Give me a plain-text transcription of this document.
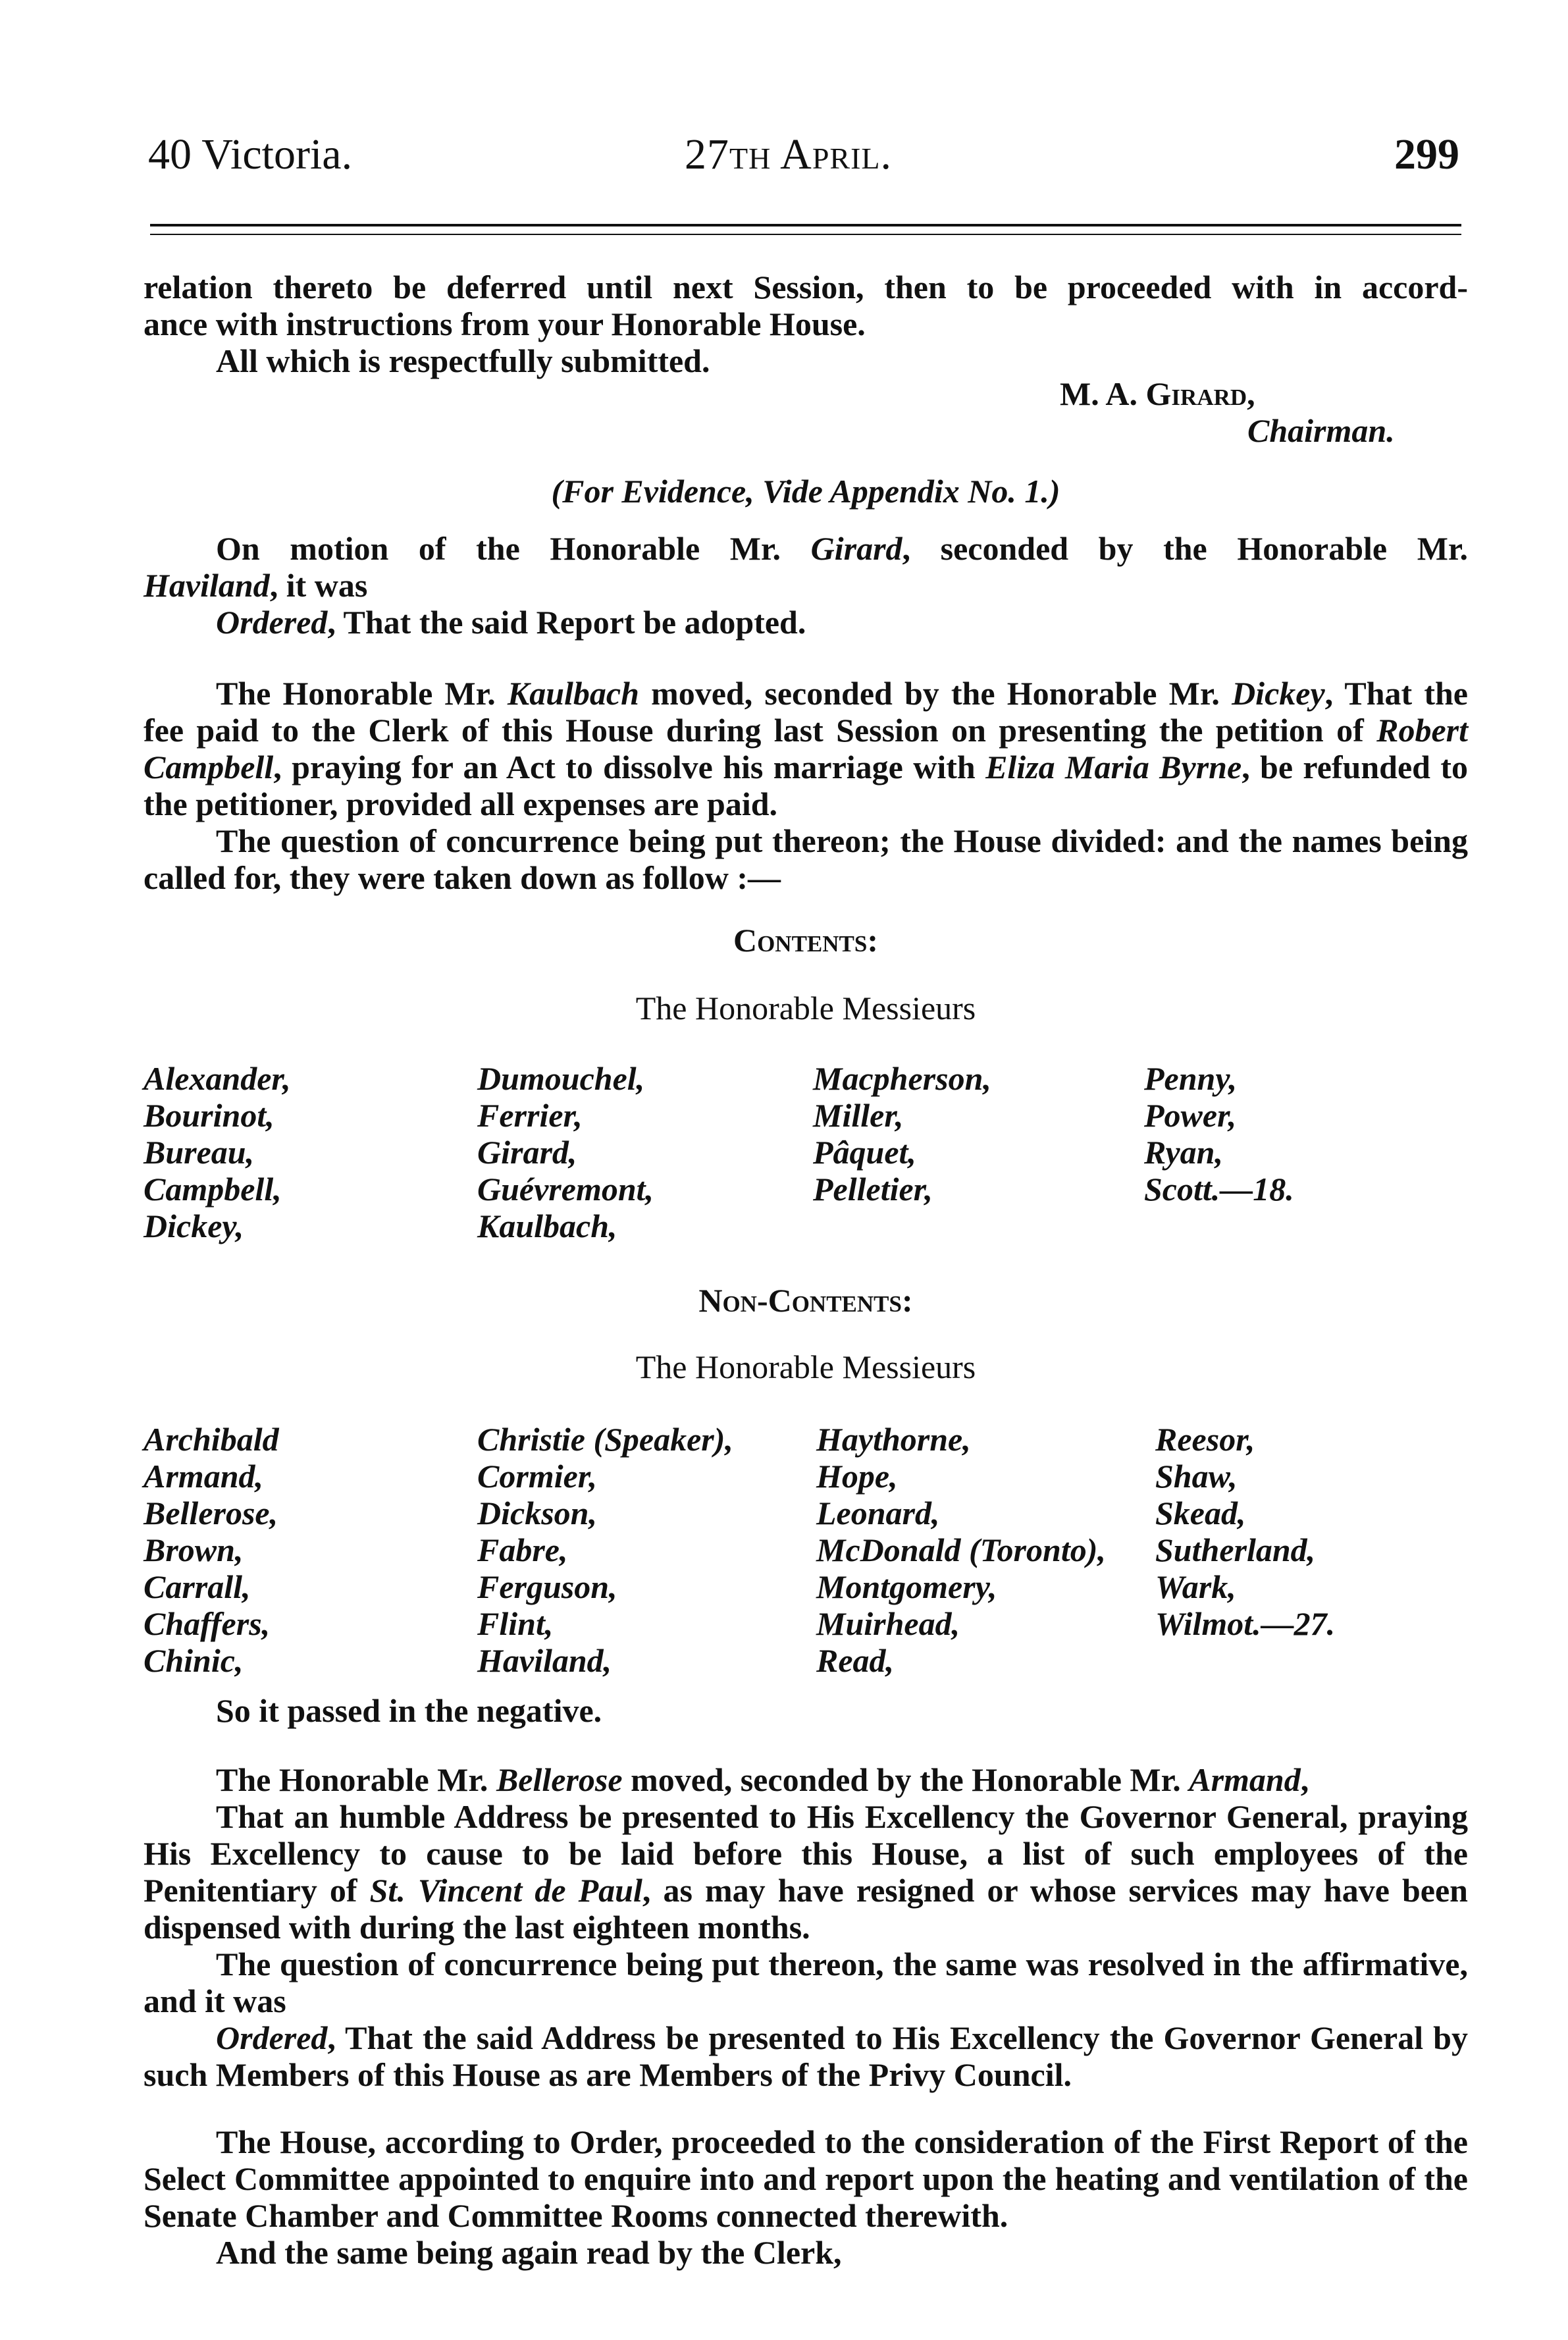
40 Victoria.	27th April.	299
relation thereto be deferred until next Session, then to be proceeded with in accord-
ance with instructions from your Honorable House.
All which is respectfully submitted.
M. A. Girard,
Chairman.
(For Evidence, Vide Appendix No. 1.)
On motion of the Honorable Mr. Girard, seconded by the Honorable Mr.
Haviland, it was
Ordered, That the said Report be adopted.
The Honorable Mr. Kaulbach moved, seconded by the Honorable Mr. Dickey, That the fee paid to the Clerk of this House during last Session on presenting the petition of Robert Campbell, praying for an Act to dissolve his marriage with Eliza Maria Byrne, be refunded to the petitioner, provided all expenses are paid.
The question of concurrence being put thereon; the House divided: and the names being called for, they were taken down as follow :—
Contents:
The Honorable Messieurs
Alexander,
Bourinot,
Bureau,
Campbell,
Dickey,
Dumouchel,
Ferrier,
Girard,
Guévremont,
Kaulbach,
Macpherson,
Miller,
Pâquet,
Pelletier,
Penny,
Power,
Ryan,
Scott.—18.
Non-Contents:
The Honorable Messieurs
Archibald
Armand,
Bellerose,
Brown,
Carrall,
Chaffers,
Chinic,
Christie (Speaker),
Cormier,
Dickson,
Fabre,
Ferguson,
Flint,
Haviland,
Haythorne,
Hope,
Leonard,
McDonald (Toronto),
Montgomery,
Muirhead,
Read,
Reesor,
Shaw,
Skead,
Sutherland,
Wark,
Wilmot.—27.
So it passed in the negative.
The Honorable Mr. Bellerose moved, seconded by the Honorable Mr. Armand,
That an humble Address be presented to His Excellency the Governor General, praying His Excellency to cause to be laid before this House, a list of such employees of the Penitentiary of St. Vincent de Paul, as may have resigned or whose services may have been dispensed with during the last eighteen months.
The question of concurrence being put thereon, the same was resolved in the affirmative, and it was
Ordered, That the said Address be presented to His Excellency the Governor General by such Members of this House as are Members of the Privy Council.
The House, according to Order, proceeded to the consideration of the First Report of the Select Committee appointed to enquire into and report upon the heating and ventilation of the Senate Chamber and Committee Rooms connected therewith.
And the same being again read by the Clerk,
